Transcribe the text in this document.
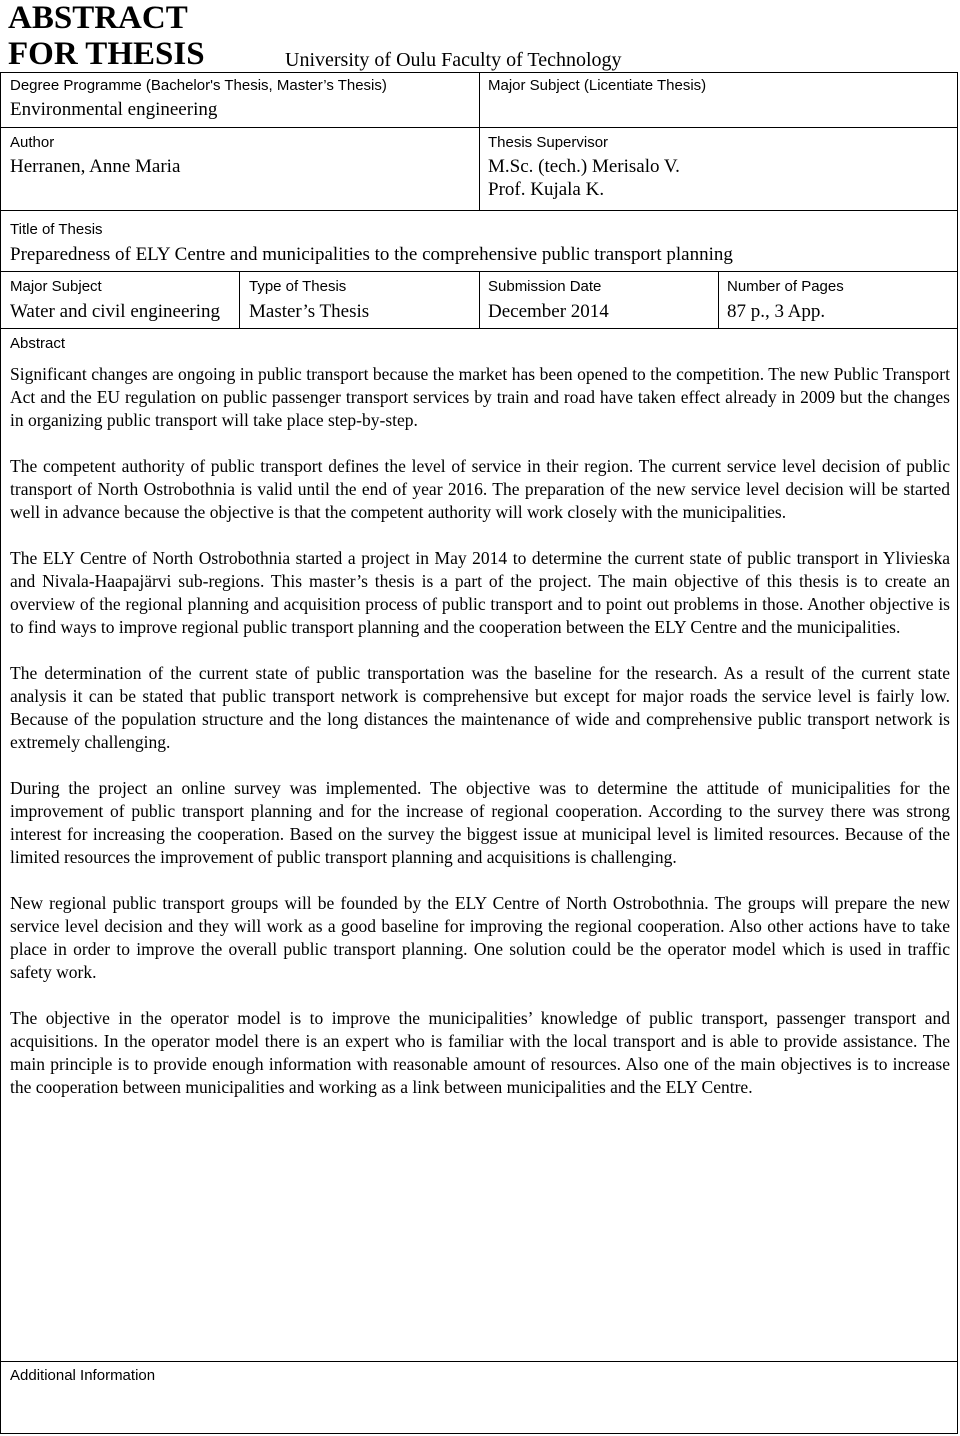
ABSTRACT
FOR THESIS	University of Oulu Faculty of Technology
Degree Programme (Bachelor's Thesis, Master’s Thesis)
Environmental engineering
Major Subject (Licentiate Thesis)
Author
Herranen, Anne Maria
Thesis Supervisor
M.Sc. (tech.) Merisalo V.
Prof. Kujala K.
Title of Thesis
Preparedness of ELY Centre and municipalities to the comprehensive public transport planning
Major Subject
Water and civil engineering
Type of Thesis
Master’s Thesis
Submission Date
December 2014
Number of Pages
87 p., 3 App.
Abstract

Significant changes are ongoing in public transport because the market has been opened to the competition. The new Public Transport Act and the EU regulation on public passenger transport services by train and road have taken effect already in 2009 but the changes in organizing public transport will take place step-by-step.

The competent authority of public transport defines the level of service in their region. The current service level decision of public transport of North Ostrobothnia is valid until the end of year 2016. The preparation of the new service level decision will be started well in advance because the objective is that the competent authority will work closely with the municipalities.

The ELY Centre of North Ostrobothnia started a project in May 2014 to determine the current state of public transport in Ylivieska and Nivala-Haapajärvi sub-regions. This master’s thesis is a part of the project. The main objective of this thesis is to create an overview of the regional planning and acquisition process of public transport and to point out problems in those. Another objective is to find ways to improve regional public transport planning and the cooperation between the ELY Centre and the municipalities.

The determination of the current state of public transportation was the baseline for the research. As a result of the current state analysis it can be stated that public transport network is comprehensive but except for major roads the service level is fairly low. Because of the population structure and the long distances the maintenance of wide and comprehensive public transport network is extremely challenging.

During the project an online survey was implemented. The objective was to determine the attitude of municipalities for the improvement of public transport planning and for the increase of regional cooperation. According to the survey there was strong interest for increasing the cooperation. Based on the survey the biggest issue at municipal level is limited resources. Because of the limited resources the improvement of public transport planning and acquisitions is challenging.

New regional public transport groups will be founded by the ELY Centre of North Ostrobothnia. The groups will prepare the new service level decision and they will work as a good baseline for improving the regional cooperation. Also other actions have to take place in order to improve the overall public transport planning. One solution could be the operator model which is used in traffic safety work.

The objective in the operator model is to improve the municipalities’ knowledge of public transport, passenger transport and acquisitions. In the operator model there is an expert who is familiar with the local transport and is able to provide assistance. The main principle is to provide enough information with reasonable amount of resources. Also one of the main objectives is to increase the cooperation between municipalities and working as a link between municipalities and the ELY Centre.

Additional Information
